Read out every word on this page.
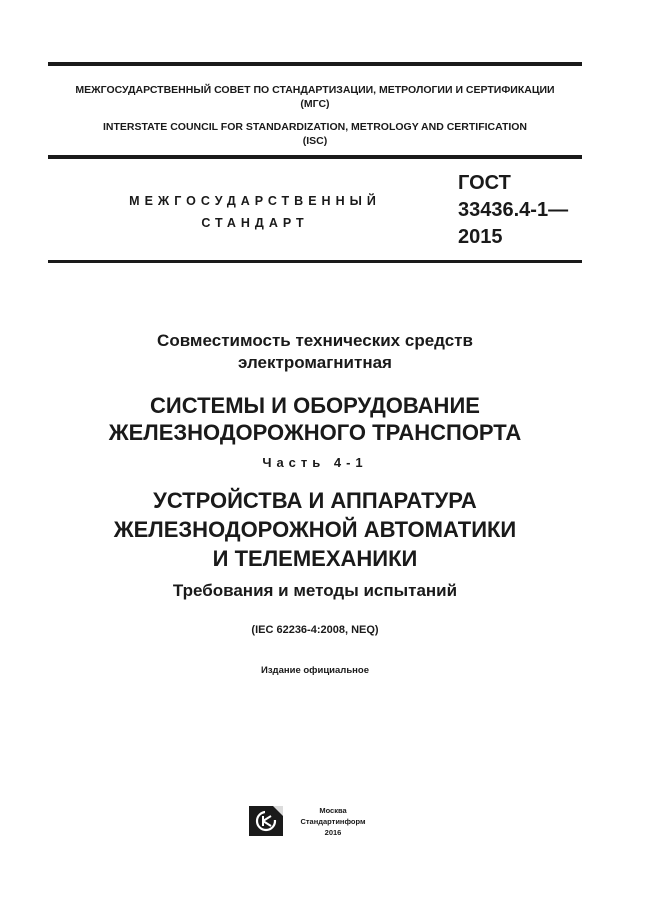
МЕЖГОСУДАРСТВЕННЫЙ СОВЕТ ПО СТАНДАРТИЗАЦИИ, МЕТРОЛОГИИ И СЕРТИФИКАЦИИ
(МГС)
INTERSTATE COUNCIL FOR STANDARDIZATION, METROLOGY AND CERTIFICATION
(ISC)
МЕЖГОСУДАРСТВЕННЫЙ
СТАНДАРТ
ГОСТ
33436.4-1—
2015
Совместимость технических средств
электромагнитная
СИСТЕМЫ И ОБОРУДОВАНИЕ
ЖЕЛЕЗНОДОРОЖНОГО ТРАНСПОРТА
Часть 4-1
УСТРОЙСТВА И АППАРАТУРА
ЖЕЛЕЗНОДОРОЖНОЙ АВТОМАТИКИ
И ТЕЛЕМЕХАНИКИ
Требования и методы испытаний
(IEC 62236-4:2008, NEQ)
Издание официальное
Москва
Стандартинформ
2016
